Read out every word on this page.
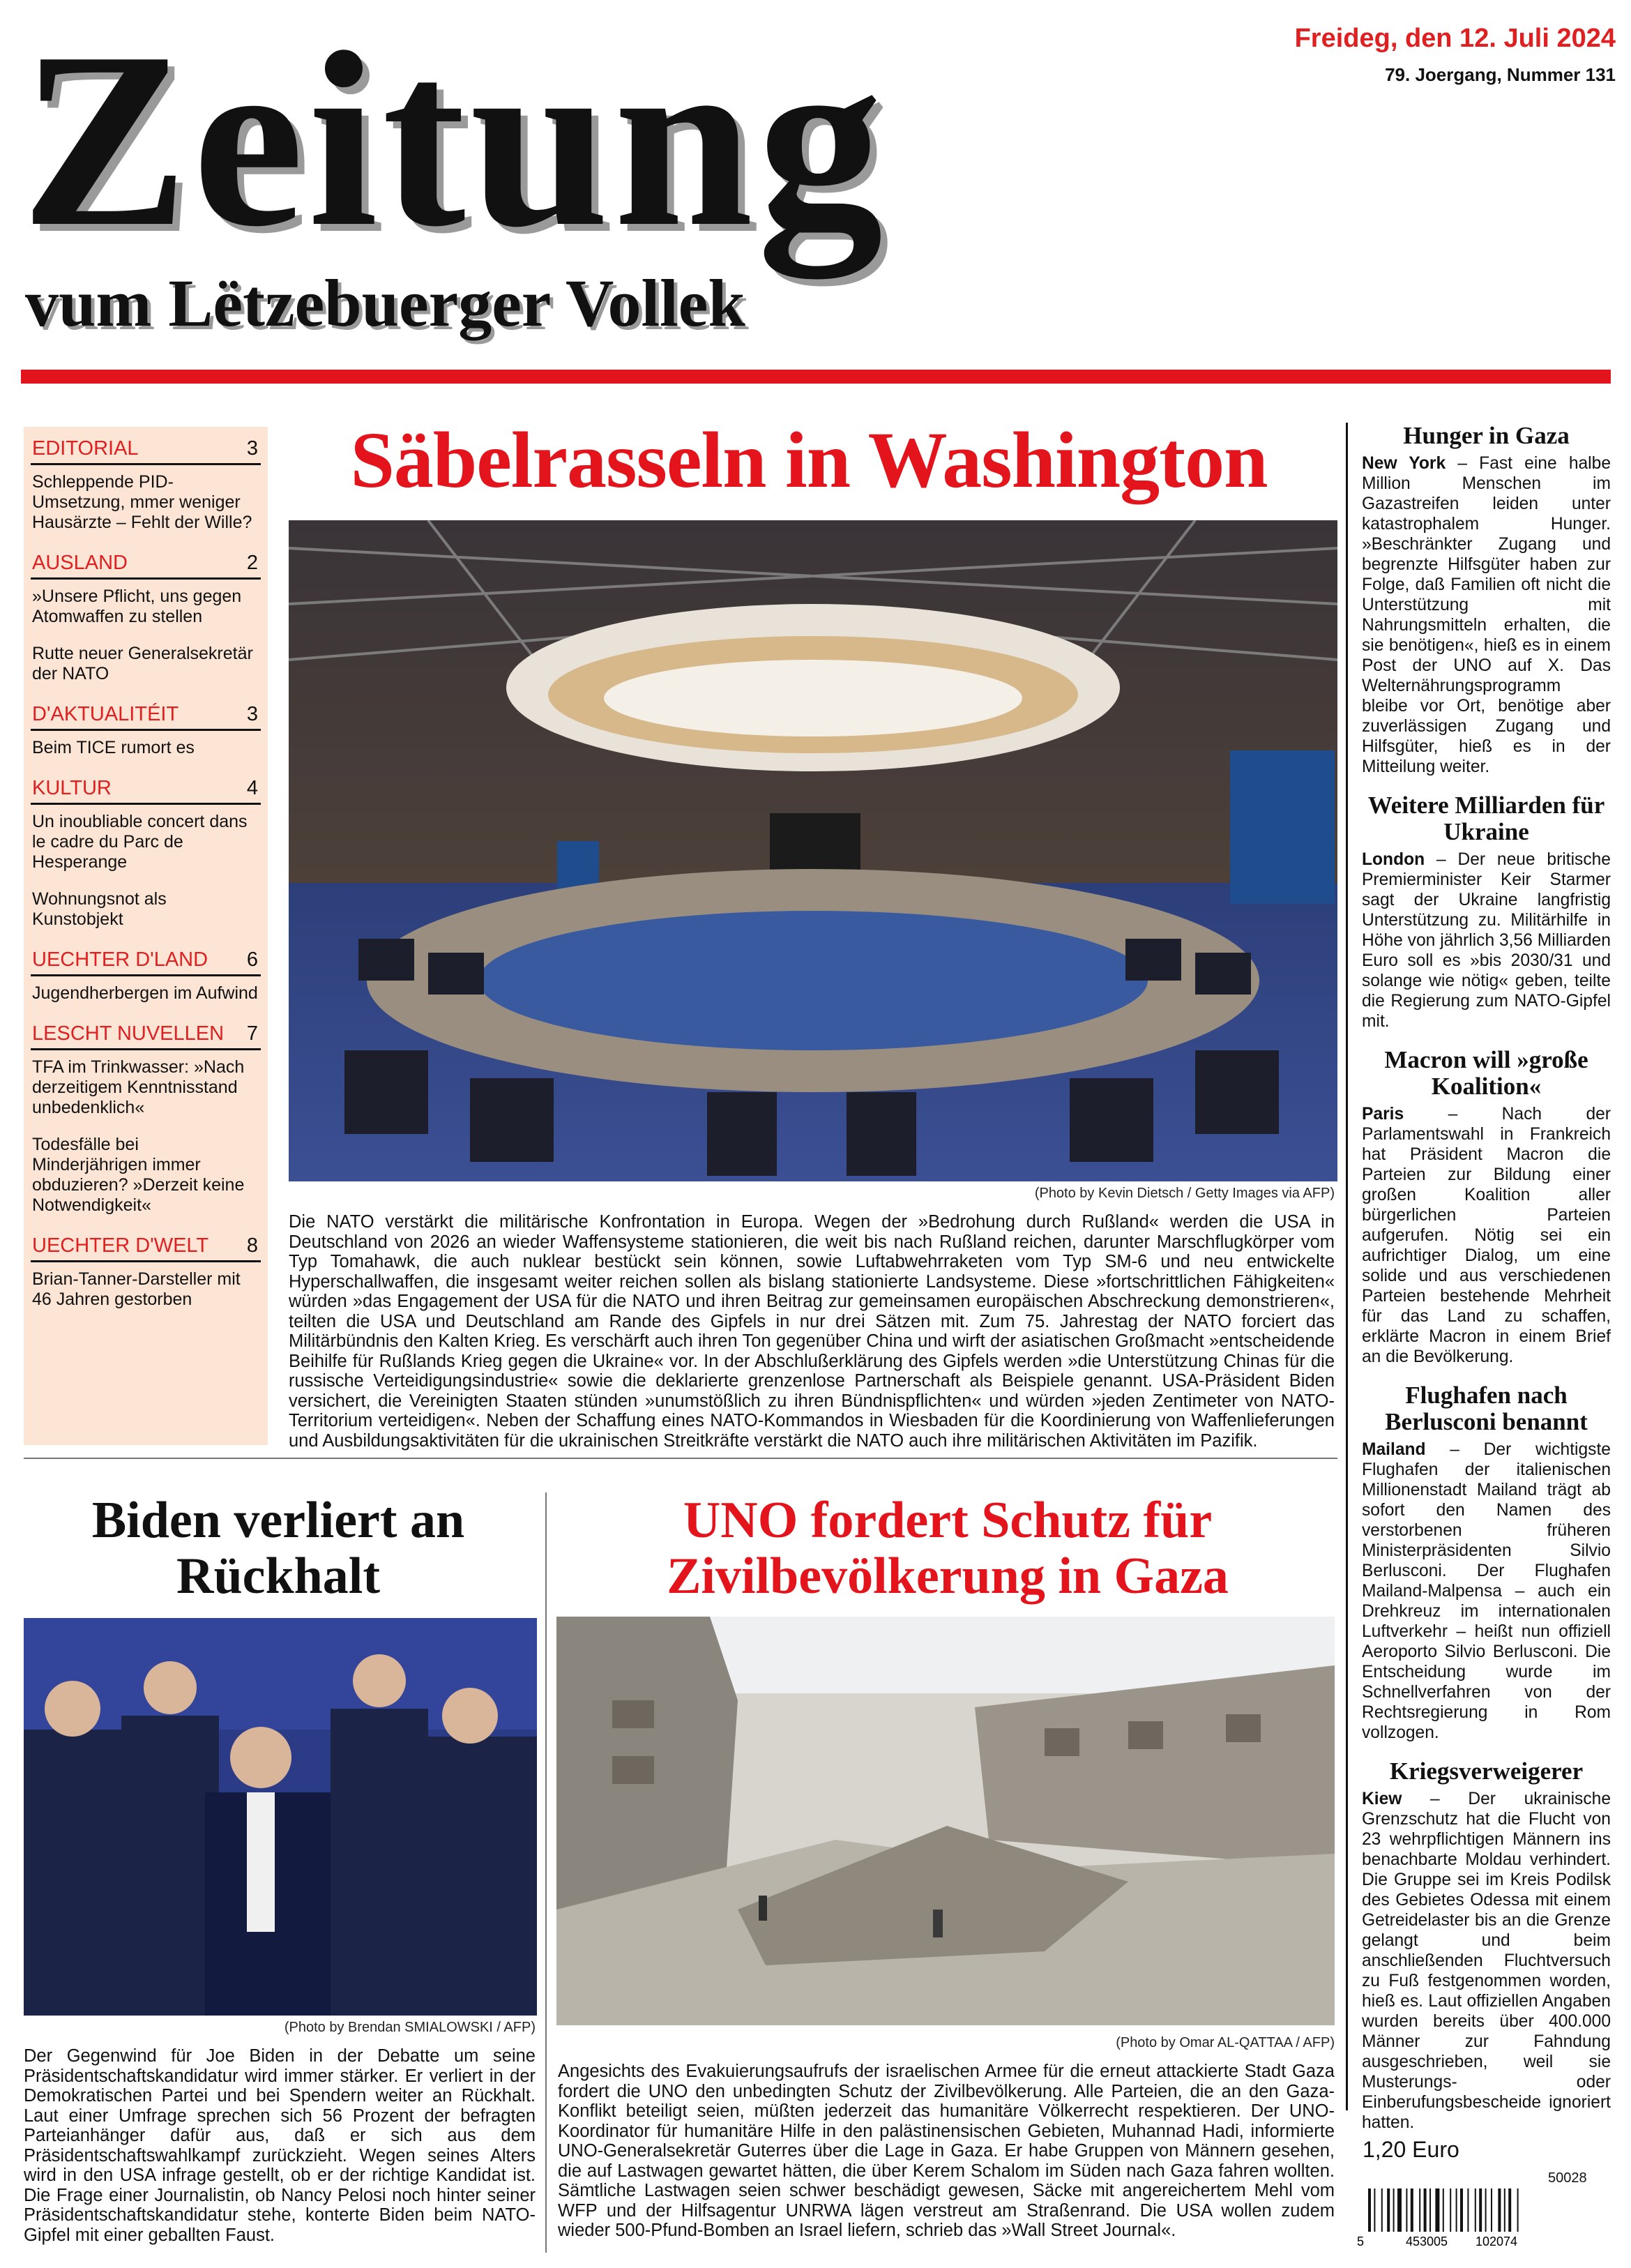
Zeitung
vum Lëtzebuerger Vollek
Freideg, den 12. Juli 2024
79. Joergang, Nummer 131
EDITORIAL	3
Schleppende PID-Umsetzung, mmer weniger Hausärzte – Fehlt der Wille?
AUSLAND	2
»Unsere Pflicht, uns gegen Atomwaffen zu stellen
Rutte neuer Generalsekretär der NATO
D'AKTUALITÉIT	3
Beim TICE rumort es
KULTUR	4
Un inoubliable concert dans le cadre du Parc de Hesperange
Wohnungsnot als Kunstobjekt
UECHTER D'LAND 6
Jugendherbergen im Aufwind
LESCHT NUVELLEN 7
TFA im Trinkwasser: »Nach derzeitigem Kenntnisstand unbedenklich«
Todesfälle bei Minderjährigen immer obduzieren? »Derzeit keine Notwendigkeit«
UECHTER D'WELT 8
Brian-Tanner-Darsteller mit 46 Jahren gestorben
Säbelrasseln in Washington
(Photo by Kevin Dietsch / Getty Images via AFP)
Die NATO verstärkt die militärische Konfrontation in Europa. Wegen der »Bedrohung durch Rußland« werden die USA in Deutschland von 2026 an wieder Waffensysteme stationieren, die weit bis nach Rußland reichen, darunter Marschflugkörper vom Typ Tomahawk, die auch nuklear bestückt sein können, sowie Luftabwehrraketen vom Typ SM-6 und neu entwickelte Hyperschallwaffen, die insgesamt weiter reichen sollen als bislang stationierte Landsysteme. Diese »fortschrittlichen Fähigkeiten« würden »das Engagement der USA für die NATO und ihren Beitrag zur gemeinsamen europäischen Abschreckung demonstrieren«, teilten die USA und Deutschland am Rande des Gipfels in nur drei Sätzen mit. Zum 75. Jahrestag der NATO forciert das Militärbündnis den Kalten Krieg. Es verschärft auch ihren Ton gegenüber China und wirft der asiatischen Großmacht »entscheidende Beihilfe für Rußlands Krieg gegen die Ukraine« vor. In der Abschlußerklärung des Gipfels werden »die Unterstützung Chinas für die russische Verteidigungsindustrie« sowie die deklarierte grenzenlose Partnerschaft als Beispiele genannt. USA-Präsident Biden versichert, die Vereinigten Staaten stünden »unumstößlich zu ihren Bündnispflichten« und würden »jeden Zentimeter von NATO-Territorium verteidigen«. Neben der Schaffung eines NATO-Kommandos in Wiesbaden für die Koordinierung von Waffenlieferungen und Ausbildungsaktivitäten für die ukrainischen Streitkräfte verstärkt die NATO auch ihre militärischen Aktivitäten im Pazifik.
Biden verliert an Rückhalt
(Photo by Brendan SMIALOWSKI / AFP)
Der Gegenwind für Joe Biden in der Debatte um seine Präsidentschaftskandidatur wird immer stärker. Er verliert in der Demokratischen Partei und bei Spendern weiter an Rückhalt. Laut einer Umfrage sprechen sich 56 Prozent der befragten Parteianhänger dafür aus, daß er sich aus dem Präsidentschaftswahlkampf zurückzieht. Wegen seines Alters wird in den USA infrage gestellt, ob er der richtige Kandidat ist. Die Frage einer Journalistin, ob Nancy Pelosi noch hinter seiner Präsidentschaftskandidatur stehe, konterte Biden beim NATO-Gipfel mit einer geballten Faust.
UNO fordert Schutz für Zivilbevölkerung in Gaza
(Photo by Omar AL-QATTAA / AFP)
Angesichts des Evakuierungsaufrufs der israelischen Armee für die erneut attackierte Stadt Gaza fordert die UNO den unbedingten Schutz der Zivilbevölkerung. Alle Parteien, die an den Gaza-Konflikt beteiligt seien, müßten jederzeit das humanitäre Völkerrecht respektieren. Der UNO-Koordinator für humanitäre Hilfe in den palästinensischen Gebieten, Muhannad Hadi, informierte UNO-Generalsekretär Guterres über die Lage in Gaza. Er habe Gruppen von Männern gesehen, die auf Lastwagen gewartet hätten, die über Kerem Schalom im Süden nach Gaza fahren wollten. Sämtliche Lastwagen seien schwer beschädigt gewesen, Säcke mit angereichertem Mehl vom WFP und der Hilfsagentur UNRWA lägen verstreut am Straßenrand. Die USA wollen zudem wieder 500-Pfund-Bomben an Israel liefern, schrieb das »Wall Street Journal«.
Hunger in Gaza
New York – Fast eine halbe Million Menschen im Gazastreifen leiden unter katastrophalem Hunger. »Beschränkter Zugang und begrenzte Hilfsgüter haben zur Folge, daß Familien oft nicht die Unterstützung mit Nahrungsmitteln erhalten, die sie benötigen«, hieß es in einem Post der UNO auf X. Das Welternährungsprogramm bleibe vor Ort, benötige aber zuverlässigen Zugang und Hilfsgüter, hieß es in der Mitteilung weiter.
Weitere Milliarden für Ukraine
London – Der neue britische Premierminister Keir Starmer sagt der Ukraine langfristig Unterstützung zu. Militärhilfe in Höhe von jährlich 3,56 Milliarden Euro soll es »bis 2030/31 und solange wie nötig« geben, teilte die Regierung zum NATO-Gipfel mit.
Macron will »große Koalition«
Paris – Nach der Parlamentswahl in Frankreich hat Präsident Macron die Parteien zur Bildung einer großen Koalition aller bürgerlichen Parteien aufgerufen. Nötig sei ein aufrichtiger Dialog, um eine solide und aus verschiedenen Parteien bestehende Mehrheit für das Land zu schaffen, erklärte Macron in einem Brief an die Bevölkerung.
Flughafen nach Berlusconi benannt
Mailand – Der wichtigste Flughafen der italienischen Millionenstadt Mailand trägt ab sofort den Namen des verstorbenen früheren Ministerpräsidenten Silvio Berlusconi. Der Flughafen Mailand-Malpensa – auch ein Drehkreuz im internationalen Luftverkehr – heißt nun offiziell Aeroporto Silvio Berlusconi. Die Entscheidung wurde im Schnellverfahren von der Rechtsregierung in Rom vollzogen.
Kriegsverweigerer
Kiew – Der ukrainische Grenzschutz hat die Flucht von 23 wehrpflichtigen Männern ins benachbarte Moldau verhindert. Die Gruppe sei im Kreis Podilsk des Gebietes Odessa mit einem Getreidelaster bis an die Grenze gelangt und beim anschließenden Fluchtversuch zu Fuß festgenommen worden, hieß es. Laut offiziellen Angaben wurden bereits über 400.000 Männer zur Fahndung ausgeschrieben, weil sie Musterungs- oder Einberufungsbescheide ignoriert hatten.
1,20 Euro
50028
5	453005 102074
